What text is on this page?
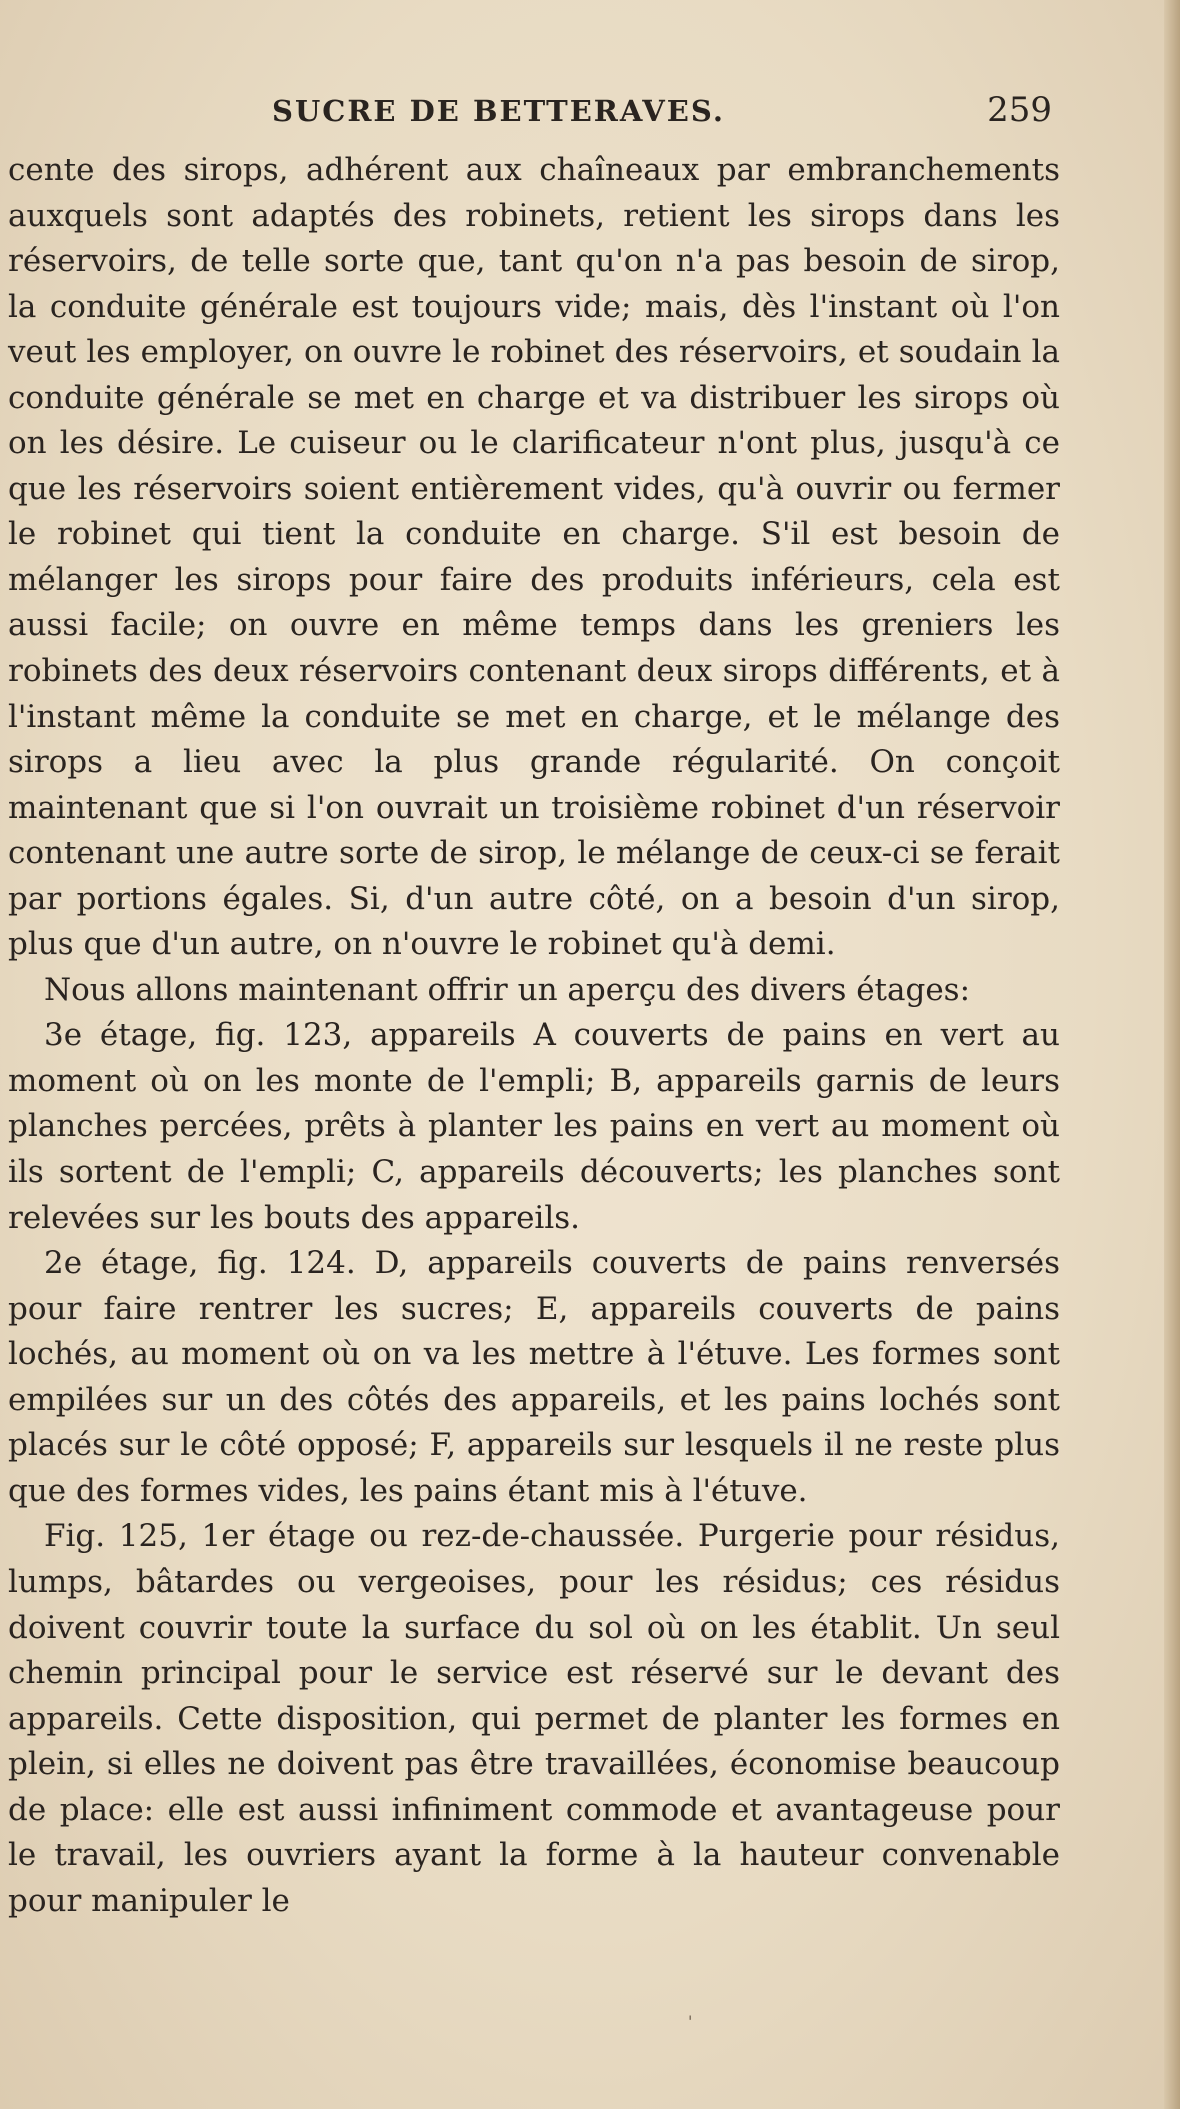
SUCRE DE BETTERAVES.	259

cente des sirops, adhérent aux chaîneaux par embranchements auxquels sont adaptés des robinets, retient les sirops dans les réservoirs, de telle sorte que, tant qu'on n'a pas besoin de sirop, la conduite générale est toujours vide; mais, dès l'instant où l'on veut les employer, on ouvre le robinet des réservoirs, et soudain la conduite générale se met en charge et va distribuer les sirops où on les désire. Le cuiseur ou le clarificateur n'ont plus, jusqu'à ce que les réservoirs soient entièrement vides, qu'à ouvrir ou fermer le robinet qui tient la conduite en charge. S'il est besoin de mélanger les sirops pour faire des produits inférieurs, cela est aussi facile; on ouvre en même temps dans les greniers les robinets des deux réservoirs contenant deux sirops différents, et à l'instant même la conduite se met en charge, et le mélange des sirops a lieu avec la plus grande régularité. On conçoit maintenant que si l'on ouvrait un troisième robinet d'un réservoir contenant une autre sorte de sirop, le mélange de ceux-ci se ferait par portions égales. Si, d'un autre côté, on a besoin d'un sirop, plus que d'un autre, on n'ouvre le robinet qu'à demi.

Nous allons maintenant offrir un aperçu des divers étages:

3e étage, fig. 123, appareils A couverts de pains en vert au moment où on les monte de l'empli; B, appareils garnis de leurs planches percées, prêts à planter les pains en vert au moment où ils sortent de l'empli; C, appareils découverts; les planches sont relevées sur les bouts des appareils.

2e étage, fig. 124. D, appareils couverts de pains renversés pour faire rentrer les sucres; E, appareils couverts de pains lochés, au moment où on va les mettre à l'étuve. Les formes sont empilées sur un des côtés des appareils, et les pains lochés sont placés sur le côté opposé; F, appareils sur lesquels il ne reste plus que des formes vides, les pains étant mis à l'étuve.

Fig. 125, 1er étage ou rez-de-chaussée. Purgerie pour résidus, lumps, bâtardes ou vergeoises, pour les résidus; ces résidus doivent couvrir toute la surface du sol où on les établit. Un seul chemin principal pour le service est réservé sur le devant des appareils. Cette disposition, qui permet de planter les formes en plein, si elles ne doivent pas être travaillées, économise beaucoup de place: elle est aussi infiniment commode et avantageuse pour le travail, les ouvriers ayant la forme à la hauteur convenable pour manipuler le

'
